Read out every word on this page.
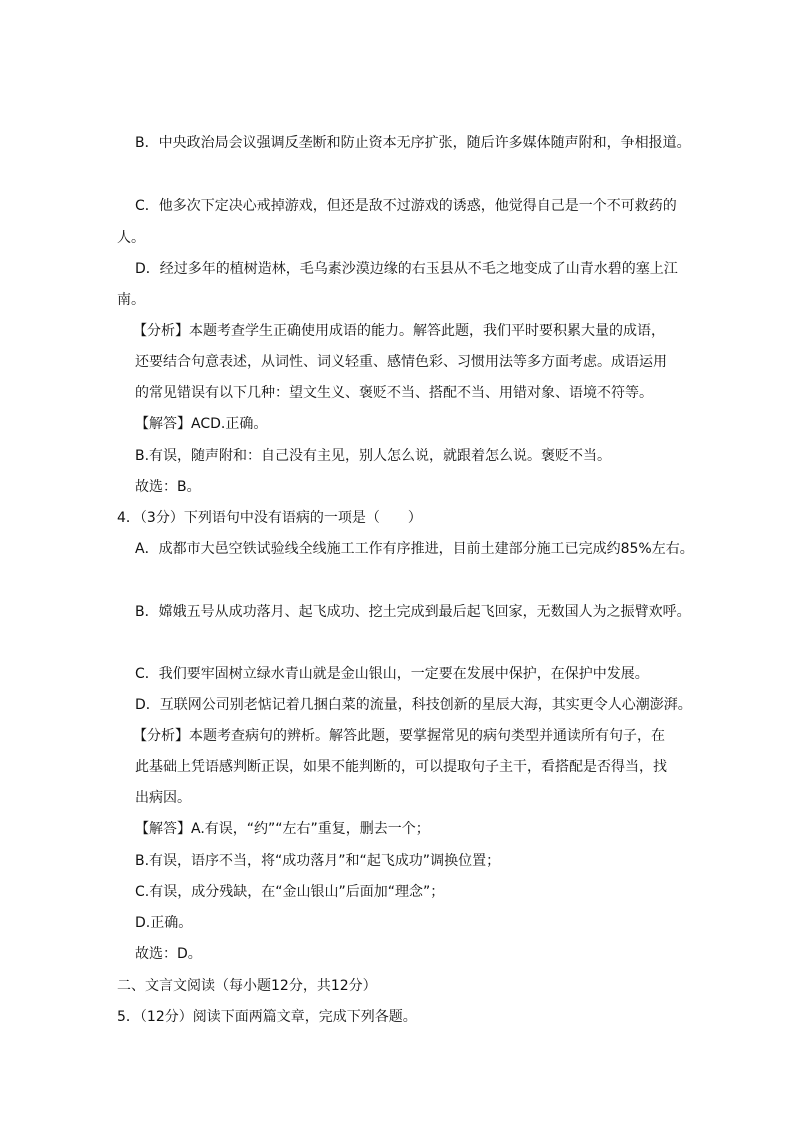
B．中央政治局会议强调反垄断和防止资本无序扩张，随后许多媒体随声附和，争相报道。
C．他多次下定决心戒掉游戏，但还是敌不过游戏的诱惑，他觉得自己是一个不可救药的
人。
D．经过多年的植树造林，毛乌素沙漠边缘的右玉县从不毛之地变成了山青水碧的塞上江
南。
【分析】本题考查学生正确使用成语的能力。解答此题，我们平时要积累大量的成语，
还要结合句意表述，从词性、词义轻重、感情色彩、习惯用法等多方面考虑。成语运用
的常见错误有以下几种：望文生义、褒贬不当、搭配不当、用错对象、语境不符等。
【解答】ACD.正确。
B.有误，随声附和：自己没有主见，别人怎么说，就跟着怎么说。褒贬不当。
故选：B。
4．（3分）下列语句中没有语病的一项是（　　）
A．成都市大邑空铁试验线全线施工工作有序推进，目前土建部分施工已完成约85%左右。
B．嫦娥五号从成功落月、起飞成功、挖土完成到最后起飞回家，无数国人为之振臂欢呼。
C．我们要牢固树立绿水青山就是金山银山，一定要在发展中保护，在保护中发展。
D．互联网公司别老惦记着几捆白菜的流量，科技创新的星辰大海，其实更令人心潮澎湃。
【分析】本题考查病句的辨析。解答此题，要掌握常见的病句类型并通读所有句子，在
此基础上凭语感判断正误，如果不能判断的，可以提取句子主干，看搭配是否得当，找
出病因。
【解答】A.有误，“约”“左右”重复，删去一个；
B.有误，语序不当，将“成功落月”和“起飞成功”调换位置；
C.有误，成分残缺，在“金山银山”后面加“理念”；
D.正确。
故选：D。
二、文言文阅读（每小题12分，共12分）
5．（12分）阅读下面两篇文章，完成下列各题。
